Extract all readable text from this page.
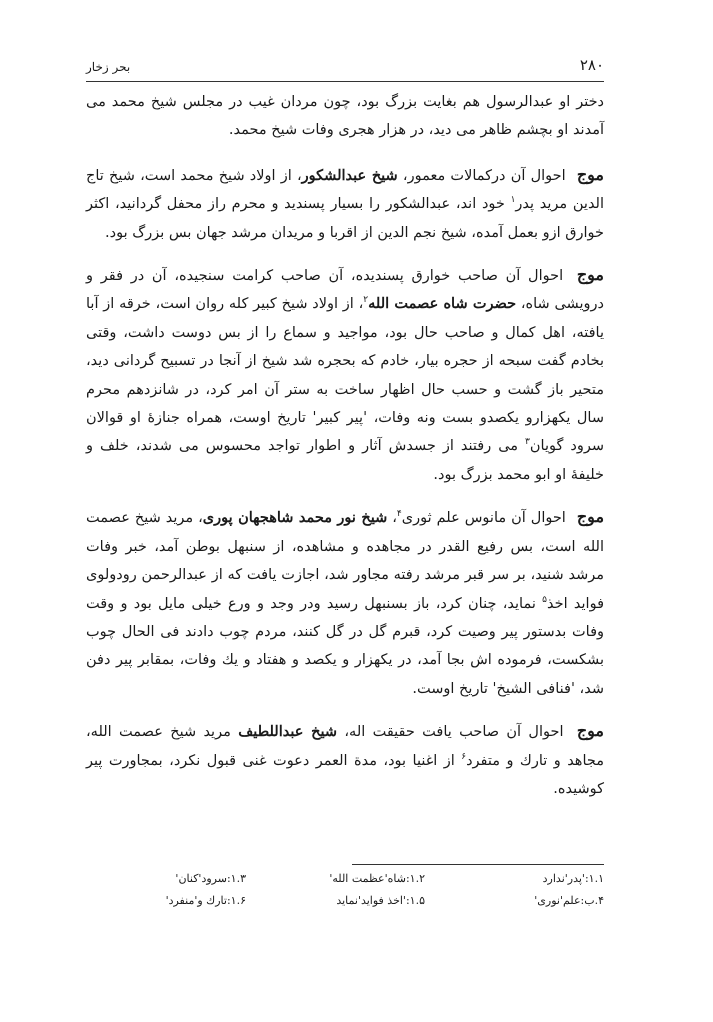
۲۸۰
بحر زخار

دختر او عبدالرسول هم بغایت بزرگ بود، چون مردان غیب در مجلس شیخ محمد می آمدند او بچشم ظاهر می دید، در هزار هجری وفات شیخ محمد.

موج احوال آن درکمالات معمور، شیخ عبدالشکور، از اولاد شیخ محمد است، شیخ تاج الدین مرید پدر$^۱$ خود اند، عبدالشکور را بسیار پسندید و محرم راز محفل گردانید، اکثر خوارق ازو بعمل آمده، شیخ نجم الدین از اقربا و مریدان مرشد جهان بس بزرگ بود.

موج احوال آن صاحب خوارق پسندیده، آن صاحب کرامت سنجیده، آن در فقر و درویشی شاه، حضرت شاه عصمت الله$^۲$، از اولاد شیخ کبیر کله روان است، خرقه از آبا یافته، اهل کمال و صاحب حال بود، مواجید و سماع را از بس دوست داشت، وقتی بخادم گفت سبحه از حجره بیار، خادم که بحجره شد شیخ از آنجا در تسبیح گردانی دید، متحیر باز گشت و حسب حال اظهار ساخت به ستر آن امر کرد، در شانزدهم محرم سال یکهزارو یکصدو بست ونه وفات، 'پیر کبیر' تاریخ اوست، همراه جنازهٔ او قوالان سرود گویان$^۳$ می رفتند از جسدش آثار و اطوار تواجد محسوس می شدند، خلف و خلیفهٔ او ابو محمد بزرگ بود.

موج احوال آن مانوس علم ثوری$^۴$، شیخ نور محمد شاهجهان پوری، مرید شیخ عصمت الله است، بس رفیع القدر در مجاهده و مشاهده، از سنبهل بوطن آمد، خبر وفات مرشد شنید، بر سر قبر مرشد رفته مجاور شد، اجازت یافت که از عبدالرحمن رودولوی فواید اخذ$^۵$ نماید، چنان کرد، باز بسنبهل رسید ودر وجد و ورع خیلی مایل بود و وقت وفات بدستور پیر وصیت کرد، قبرم گل در گل کنند، مردم چوب دادند فی الحال چوب بشکست، فرموده اش بجا آمد، در یکهزار و یکصد و هفتاد و یك وفات، بمقابر پیر دفن شد، 'فنافی الشیخ' تاریخ اوست.

موج احوال آن صاحب یافت حقیقت اله، شیخ عبداللطیف مرید شیخ عصمت الله، مجاهد و تارك و متفرد$^۶$ از اغنیا بود، مدة العمر دعوت غنی قبول نکرد، بمجاورت پیر کوشیده.

۱.۱:'پدر'ندارد
۱.۲:شاه'عظمت الله'
۱.۳:سرود'کنان'
۴.ب:علم'نوری'
۱.۵:'اخذ فواید'نماید
۱.۶:تارك و'منفرد'
